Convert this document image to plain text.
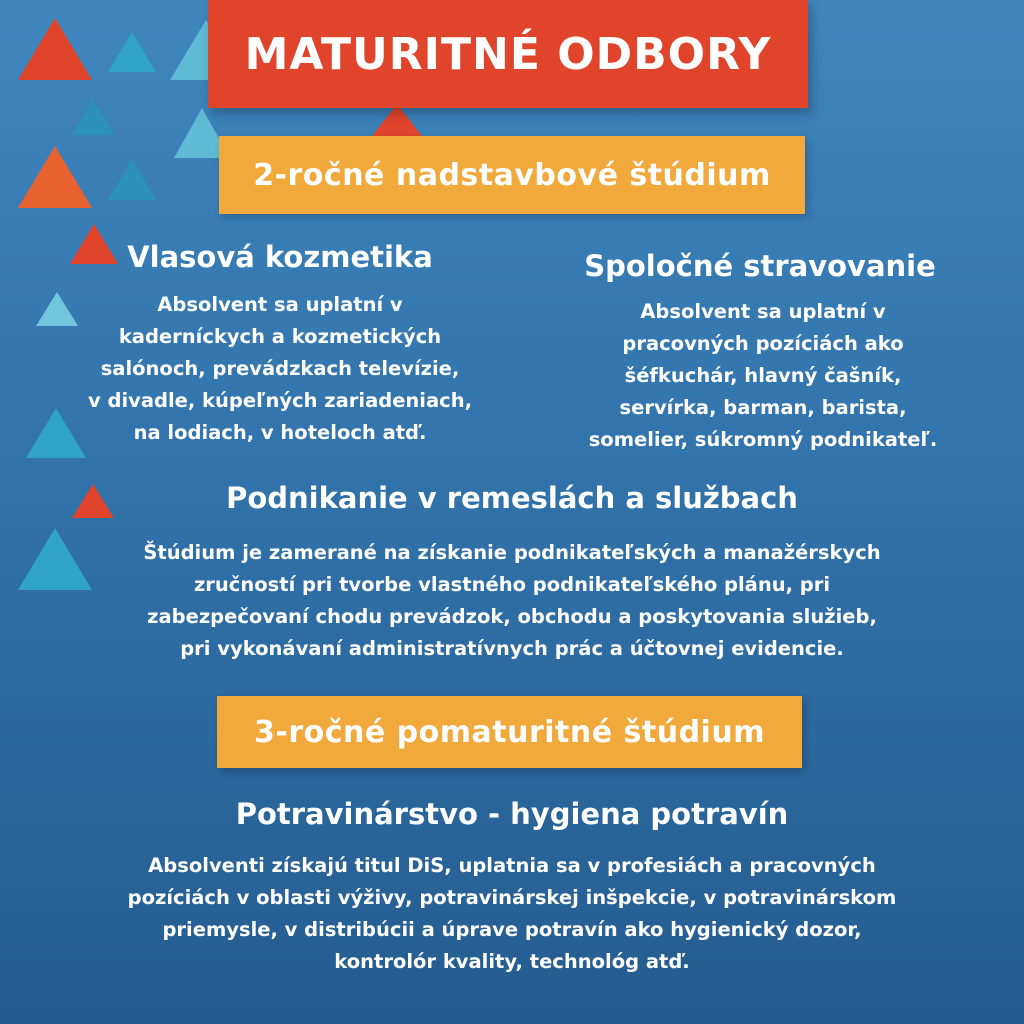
MATURITNÉ ODBORY
2-ročné nadstavbové štúdium
Vlasová kozmetika
Absolvent sa uplatní v
kaderníckych a kozmetických
salónoch, prevádzkach televízie,
v divadle, kúpeľných zariadeniach,
na lodiach, v hoteloch atď.
Spoločné stravovanie
Absolvent sa uplatní v
pracovných pozíciách ako
šéfkuchár, hlavný čašník,
servírka, barman, barista,
somelier, súkromný podnikateľ.
Podnikanie v remeslách a službach
Štúdium je zamerané na získanie podnikateľských a manažérskych
zručností pri tvorbe vlastného podnikateľského plánu, pri
zabezpečovaní chodu prevádzok, obchodu a poskytovania služieb,
pri vykonávaní administratívnych prác a účtovnej evidencie.
3-ročné pomaturitné štúdium
Potravinárstvo - hygiena potravín
Absolventi získajú titul DiS, uplatnia sa v profesiách a pracovných
pozíciách v oblasti výživy, potravinárskej inšpekcie, v potravinárskom
priemysle, v distribúcii a úprave potravín ako hygienický dozor,
kontrolór kvality, technológ atď.
